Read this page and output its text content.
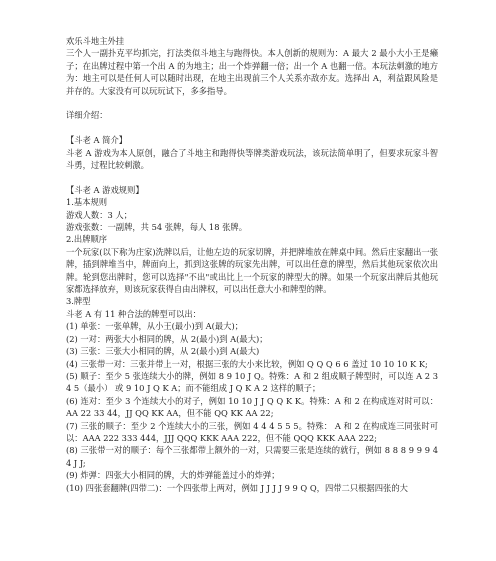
欢乐斗地主外挂

三个人一副扑克平均抓完，打法类似斗地主与跑得快。本人创新的规则为：A 最大 2 最小大小王是癞子；在出牌过程中第一个出 A 的为地主；出一个炸弹翻一倍；出一个 A 也翻一倍。本玩法刺激的地方为：地主可以是任何人可以随时出现，在地主出现前三个人关系亦敌亦友。选择出 A，利益跟风险是并存的。大家没有可以玩玩试下，多多指导。

详细介绍：

【斗老 A 简介】

斗老 A 游戏为本人原创，融合了斗地主和跑得快等牌类游戏玩法，该玩法简单明了，但要求玩家斗智斗勇，过程比较刺激。

【斗老 A 游戏规则】

1.基本规则

游戏人数：3 人；

游戏张数：一副牌，共 54 张牌，每人 18 张牌。

2.出牌顺序

一个玩家(以下称为庄家)洗牌以后，让他左边的玩家切牌，并把牌堆放在牌桌中间。然后庄家翻出一张牌，插到牌堆当中，牌面向上，抓到这张牌的玩家先出牌，可以出任意的牌型，然后其他玩家依次出牌。轮到您出牌时，您可以选择"不出"或出比上一个玩家的牌型大的牌。如果一个玩家出牌后其他玩家都选择放弃，则该玩家获得自由出牌权，可以出任意大小和牌型的牌。

3.牌型

斗老 A 有 11 种合法的牌型可以出：

(1) 单张：一张单牌，从小王(最小)到 A(最大)；

(2) 一对：两张大小相同的牌，从 2(最小)到 A(最大)；

(3) 三张：三张大小相同的牌，从 2(最小)到 A(最大)

(4) 三张带一对：三张并带上一对，根据三张的大小来比较，例如 Q Q Q 6 6 盖过 10 10 10 K K;

(5) 顺子：至少 5 张连续大小的牌，例如 8 9 10 J Q。特殊：A 和 2 组成顺子牌型时，可以连 A 2 3 4 5（最小） 或 9 10 J Q K A；而不能组成 J Q K A 2 这样的顺子；

(6) 连对：至少 3 个连续大小的对子，例如 10 10 J J Q Q K K。特殊：A 和 2 在构成连对时可以：AA 22 33 44，JJ QQ KK AA，但不能 QQ KK AA 22;

(7) 三张的顺子：至少 2 个连续大小的三张，例如 4 4 4 5 5 5。特殊： A 和 2 在构成连三同张时可以：AAA 222 333 444，JJJ QQQ KKK AAA 222，但不能 QQQ KKK AAA 222;

(8) 三张带一对的顺子：每个三张都带上额外的一对，只需要三张是连续的就行，例如 8 8 8 9 9 9 4 4 J J;

(9) 炸弹：四张大小相同的牌，大的炸弹能盖过小的炸弹；

(10) 四张套翻牌(四带二)：一个四张带上两对，例如 J J J J 9 9 Q Q，四带二只根据四张的大
